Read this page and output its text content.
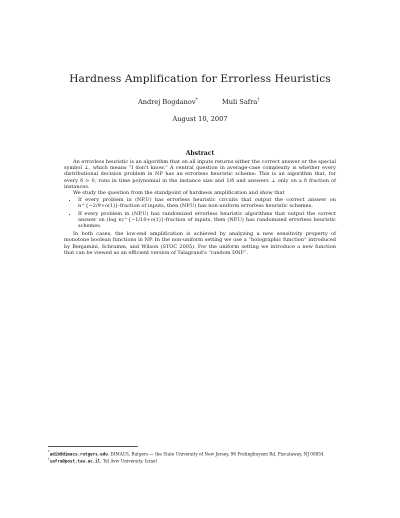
Hardness Amplification for Errorless Heuristics
Andrej Bogdanov*	Muli Safra†
August 10, 2007
Abstract

An errorless heuristic is an algorithm that on all inputs returns either the correct answer or the special symbol ⊥, which means “I don't know.” A central question in average-case complexity is whether every distributional decision problem in NP has an errorless heuristic scheme: This is an algorithm that, for every δ > 0, runs in time polynomial in the instance size and 1/δ and answers ⊥ only on a δ fraction of instances.

We study the question from the standpoint of hardness amplification and show that

• If every problem in (NP,U) has errorless heuristic circuits that output the correct answer on n^{−2/9+o(1)}-fraction of inputs, then (NP,U) has non-uniform errorless heuristic schemes.
• If every problem in (NP,U) has randomized errorless heuristic algorithms that output the correct answer on (log n)^{−1/10+o(1)}-fraction of inputs, then (NP,U) has randomized errorless heuristic schemes.

In both cases, the low-end amplification is achieved by analyzing a new sensitivity property of monotone boolean functions in NP. In the non-uniform setting we use a “holographic function” introduced by Benjamini, Schramm, and Wilson (STOC 2005). For the uniform setting we introduce a new function that can be viewed as an efficient version of Talagrand's “random DNF”.

*adib@dimacs.rutgers.edu. DIMACS, Rutgers — the State University of New Jersey, 96 Frelinghuysen Rd, Piscataway, NJ 08854

†safra@post.tau.ac.il. Tel Aviv University, Israel
